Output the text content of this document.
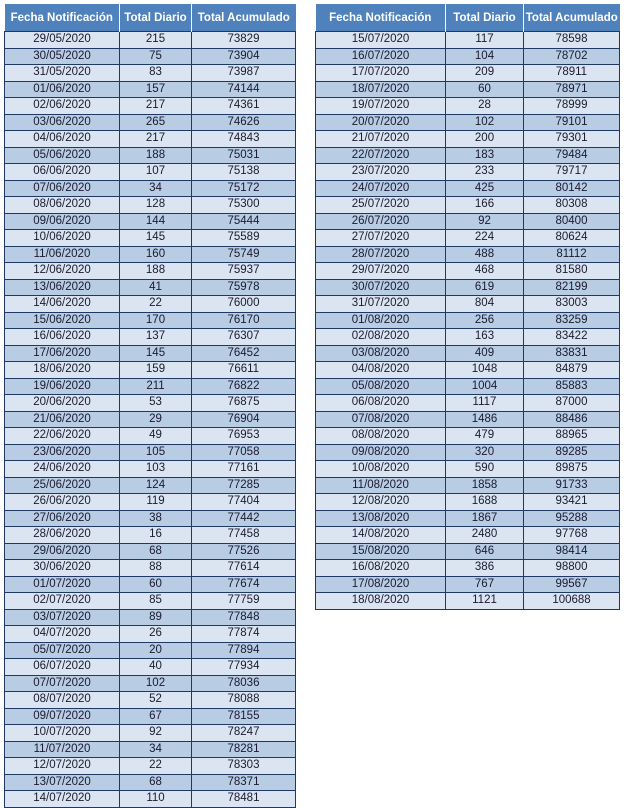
Fecha Notificación	Total Diario	Total Acumulado
29/05/2020	215	73829
30/05/2020	75	73904
31/05/2020	83	73987
01/06/2020	157	74144
02/06/2020	217	74361
03/06/2020	265	74626
04/06/2020	217	74843
05/06/2020	188	75031
06/06/2020	107	75138
07/06/2020	34	75172
08/06/2020	128	75300
09/06/2020	144	75444
10/06/2020	145	75589
11/06/2020	160	75749
12/06/2020	188	75937
13/06/2020	41	75978
14/06/2020	22	76000
15/06/2020	170	76170
16/06/2020	137	76307
17/06/2020	145	76452
18/06/2020	159	76611
19/06/2020	211	76822
20/06/2020	53	76875
21/06/2020	29	76904
22/06/2020	49	76953
23/06/2020	105	77058
24/06/2020	103	77161
25/06/2020	124	77285
26/06/2020	119	77404
27/06/2020	38	77442
28/06/2020	16	77458
29/06/2020	68	77526
30/06/2020	88	77614
01/07/2020	60	77674
02/07/2020	85	77759
03/07/2020	89	77848
04/07/2020	26	77874
05/07/2020	20	77894
06/07/2020	40	77934
07/07/2020	102	78036
08/07/2020	52	78088
09/07/2020	67	78155
10/07/2020	92	78247
11/07/2020	34	78281
12/07/2020	22	78303
13/07/2020	68	78371
14/07/2020	110	78481
Fecha Notificación	Total Diario	Total Acumulado
15/07/2020	117	78598
16/07/2020	104	78702
17/07/2020	209	78911
18/07/2020	60	78971
19/07/2020	28	78999
20/07/2020	102	79101
21/07/2020	200	79301
22/07/2020	183	79484
23/07/2020	233	79717
24/07/2020	425	80142
25/07/2020	166	80308
26/07/2020	92	80400
27/07/2020	224	80624
28/07/2020	488	81112
29/07/2020	468	81580
30/07/2020	619	82199
31/07/2020	804	83003
01/08/2020	256	83259
02/08/2020	163	83422
03/08/2020	409	83831
04/08/2020	1048	84879
05/08/2020	1004	85883
06/08/2020	1117	87000
07/08/2020	1486	88486
08/08/2020	479	88965
09/08/2020	320	89285
10/08/2020	590	89875
11/08/2020	1858	91733
12/08/2020	1688	93421
13/08/2020	1867	95288
14/08/2020	2480	97768
15/08/2020	646	98414
16/08/2020	386	98800
17/08/2020	767	99567
18/08/2020	1121	100688
